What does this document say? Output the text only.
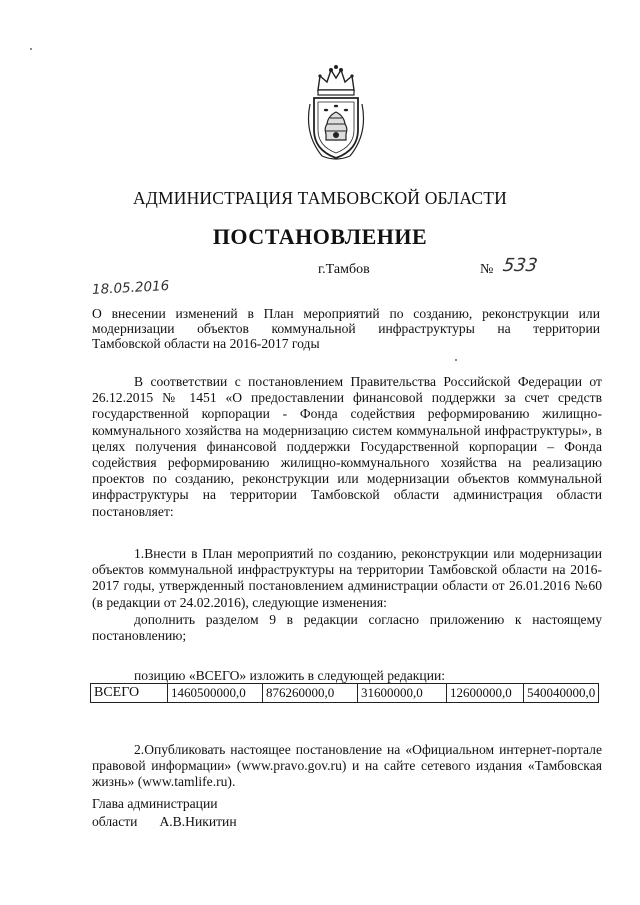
АДМИНИСТРАЦИЯ ТАМБОВСКОЙ ОБЛАСТИ
ПОСТАНОВЛЕНИЕ
г.Тамбов	№ 533
18.05.2016
О внесении изменений в План мероприятий по созданию, реконструкции или
модернизации объектов коммунальной инфраструктуры на территории
Тамбовской области на 2016-2017 годы
В соответствии с постановлением Правительства Российской Федерации от 26.12.2015 № 1451 «О предоставлении финансовой поддержки за счет средств государственной корпорации - Фонда содействия реформированию жилищно-коммунального хозяйства на модернизацию систем коммунальной инфраструктуры», в целях получения финансовой поддержки Государственной корпорации – Фонда содействия реформированию жилищно-коммунального хозяйства на реализацию проектов по созданию, реконструкции или модернизации объектов коммунальной инфраструктуры на территории Тамбовской области администрация области постановляет:
1.Внести в План мероприятий по созданию, реконструкции или модернизации объектов коммунальной инфраструктуры на территории Тамбовской области на 2016-2017 годы, утвержденный постановлением администрации области от 26.01.2016 №60 (в редакции от 24.02.2016), следующие изменения:
дополнить разделом 9 в редакции согласно приложению к настоящему постановлению;
позицию «ВСЕГО» изложить в следующей редакции:
ВСЕГО	1460500000,0	876260000,0	31600000,0	12600000,0	540040000,0
2.Опубликовать настоящее постановление на «Официальном интернет-портале правовой информации» (www.pravo.gov.ru) и на сайте сетевого издания «Тамбовская жизнь» (www.tamlife.ru).
Глава администрации
области А.В.Никитин
